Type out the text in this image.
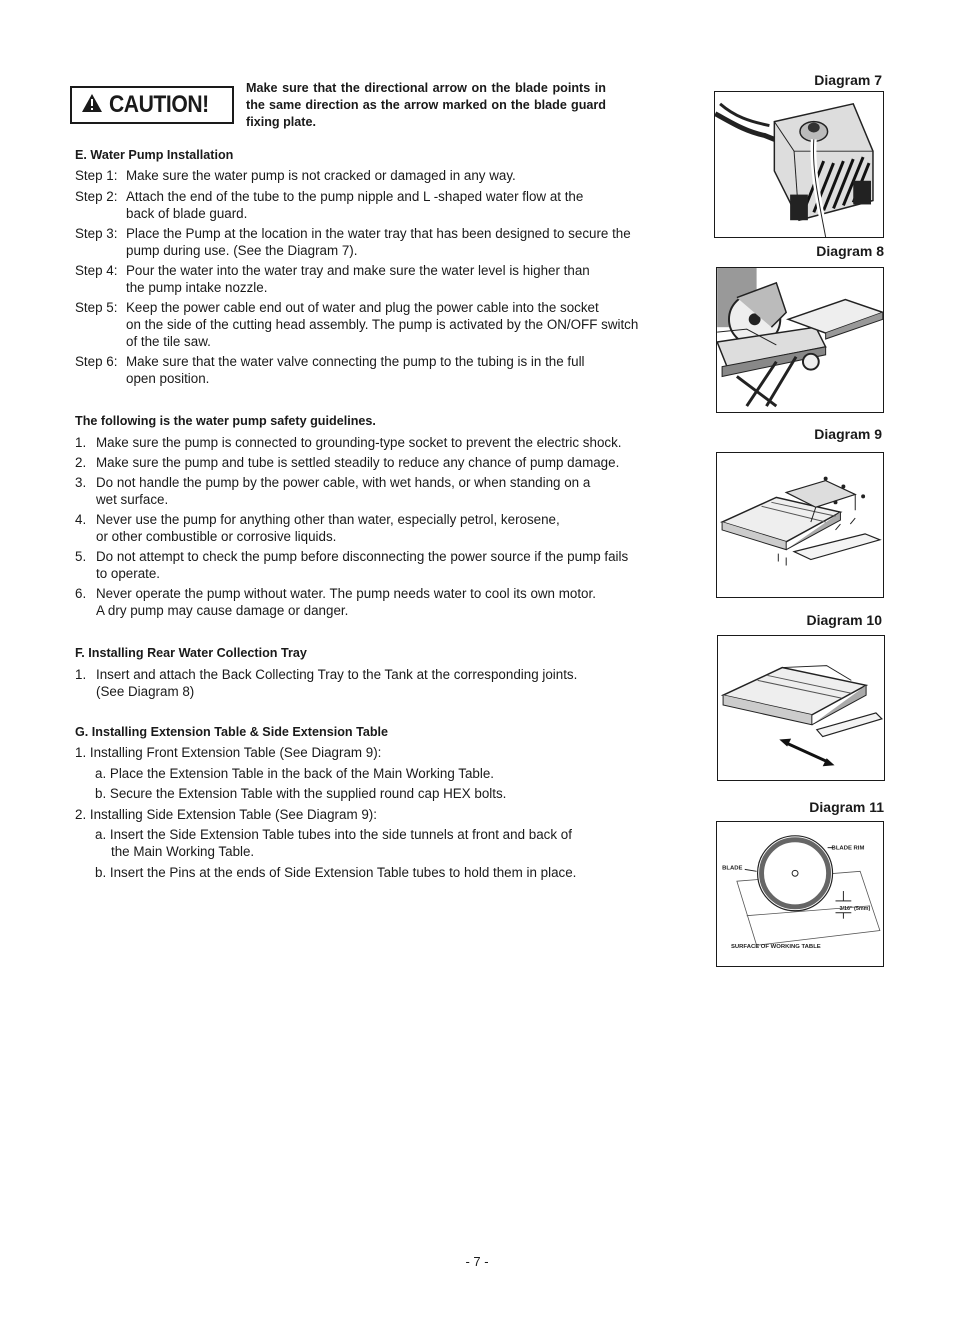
CAUTION!
Make sure that the directional arrow on the blade points in the same direction as the arrow marked on the blade guard fixing plate.
E. Water Pump Installation
Step 1: Make sure the water pump is not cracked or damaged in any way.
Step 2: Attach the end of the tube to the pump nipple and L -shaped water flow at the
back of blade guard.
Step 3: Place the Pump at the location in the water tray that has been designed to secure the
pump during use. (See the Diagram 7).
Step 4: Pour the water into the water tray and make sure the water level is higher than
the pump intake nozzle.
Step 5: Keep the power cable end out of water and plug the power cable into the socket
on the side of the cutting head assembly. The pump is activated by the ON/OFF switch
of the tile saw.
Step 6: Make sure that the water valve connecting the pump to the tubing is in the full
open position.
The following is the water pump safety guidelines.
1. Make sure the pump is connected to grounding-type socket to prevent the electric shock.
2. Make sure the pump and tube is settled steadily to reduce any chance of pump damage.
3. Do not handle the pump by the power cable, with wet hands, or when standing on a
wet surface.
4. Never use the pump for anything other than water, especially petrol, kerosene,
or other combustible or corrosive liquids.
5. Do not attempt to check the pump before disconnecting the power source if the pump fails
to operate.
6. Never operate the pump without water. The pump needs water to cool its own motor.
A dry pump may cause damage or danger.
F. Installing Rear Water Collection Tray
1. Insert and attach the Back Collecting Tray to the Tank at the corresponding joints.
(See Diagram 8)
G. Installing Extension Table & Side Extension Table
1. Installing Front Extension Table (See Diagram 9):
a. Place the Extension Table in the back of the Main Working Table.
b. Secure the Extension Table with the supplied round cap HEX bolts.
2. Installing Side Extension Table (See Diagram 9):
a. Insert the Side Extension Table tubes into the side tunnels at front and back of
the Main Working Table.
b. Insert the Pins at the ends of Side Extension Table tubes to hold them in place.
Diagram 7
Diagram 8
Diagram 9
Diagram 10
Diagram 11
BLADE
BLADE RIM
3/16" (5mm)
SURFACE OF WORKING TABLE
- 7 -
